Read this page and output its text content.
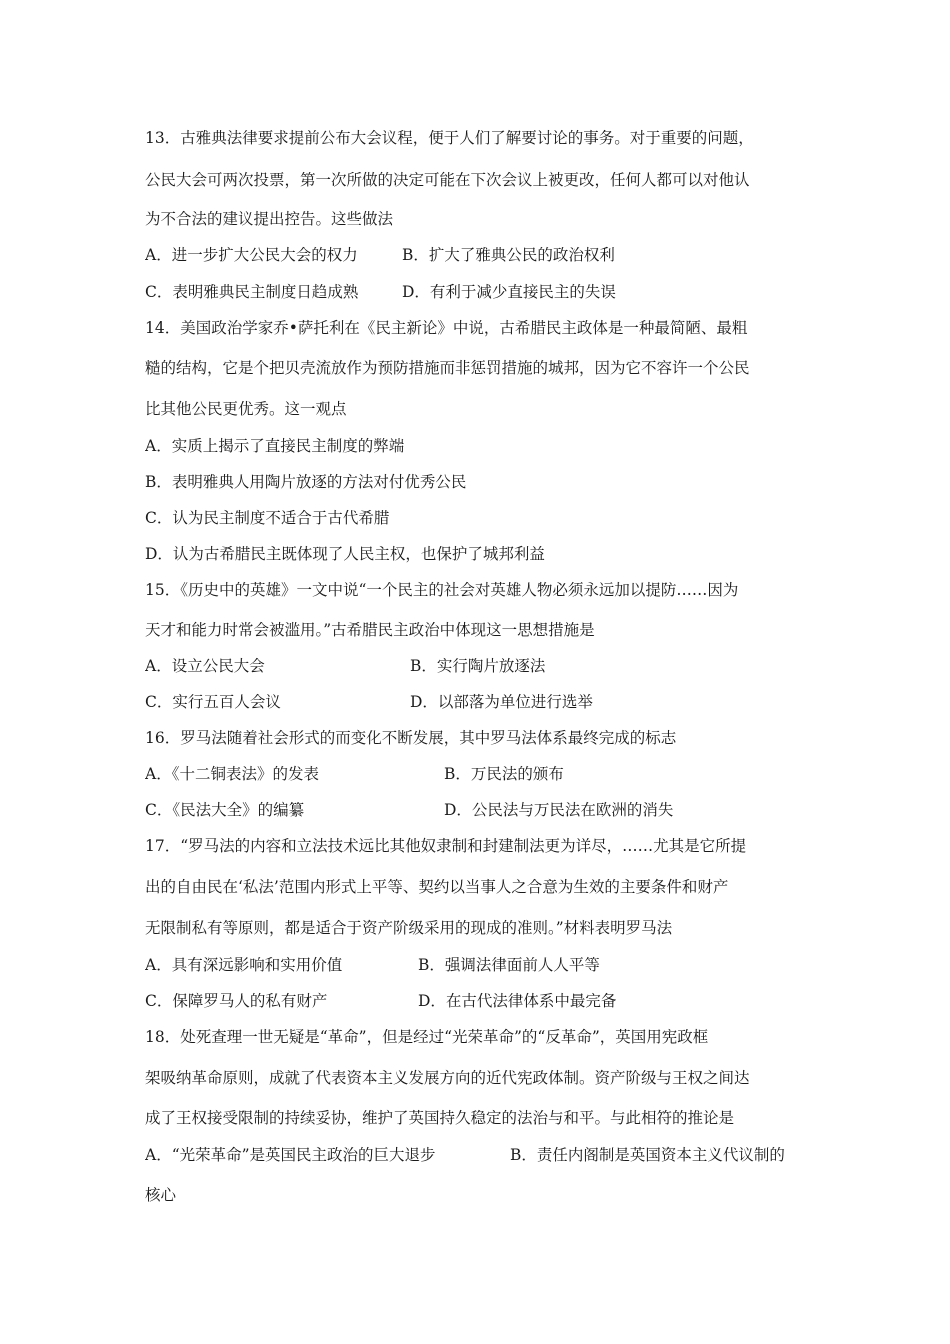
13．古雅典法律要求提前公布大会议程，便于人们了解要讨论的事务。对于重要的问题，
公民大会可两次投票，第一次所做的决定可能在下次会议上被更改，任何人都可以对他认
为不合法的建议提出控告。这些做法
A．进一步扩大公民大会的权力	B．扩大了雅典公民的政治权利
C．表明雅典民主制度日趋成熟	D．有利于减少直接民主的失误
14．美国政治学家乔•萨托利在《民主新论》中说，古希腊民主政体是一种最简陋、最粗
糙的结构，它是个把贝壳流放作为预防措施而非惩罚措施的城邦，因为它不容许一个公民
比其他公民更优秀。这一观点
A．实质上揭示了直接民主制度的弊端
B．表明雅典人用陶片放逐的方法对付优秀公民
C．认为民主制度不适合于古代希腊
D．认为古希腊民主既体现了人民主权，也保护了城邦利益
15．《历史中的英雄》一文中说“一个民主的社会对英雄人物必须永远加以提防……因为
天才和能力时常会被滥用。”古希腊民主政治中体现这一思想措施是
A．设立公民大会	B．实行陶片放逐法
C．实行五百人会议	D．以部落为单位进行选举
16．罗马法随着社会形式的而变化不断发展，其中罗马法体系最终完成的标志
A．《十二铜表法》的发表	B．万民法的颁布
C．《民法大全》的编纂	D．公民法与万民法在欧洲的消失
17．“罗马法的内容和立法技术远比其他奴隶制和封建制法更为详尽，……尤其是它所提
出的自由民在‘私法’范围内形式上平等、契约以当事人之合意为生效的主要条件和财产
无限制私有等原则，都是适合于资产阶级采用的现成的准则。”材料表明罗马法
A．具有深远影响和实用价值	B．强调法律面前人人平等
C．保障罗马人的私有财产	D．在古代法律体系中最完备
18．处死查理一世无疑是“革命”，但是经过“光荣革命”的“反革命”，英国用宪政框
架吸纳革命原则，成就了代表资本主义发展方向的近代宪政体制。资产阶级与王权之间达
成了王权接受限制的持续妥协，维护了英国持久稳定的法治与和平。与此相符的推论是
A．“光荣革命”是英国民主政治的巨大退步	B．责任内阁制是英国资本主义代议制的
核心
